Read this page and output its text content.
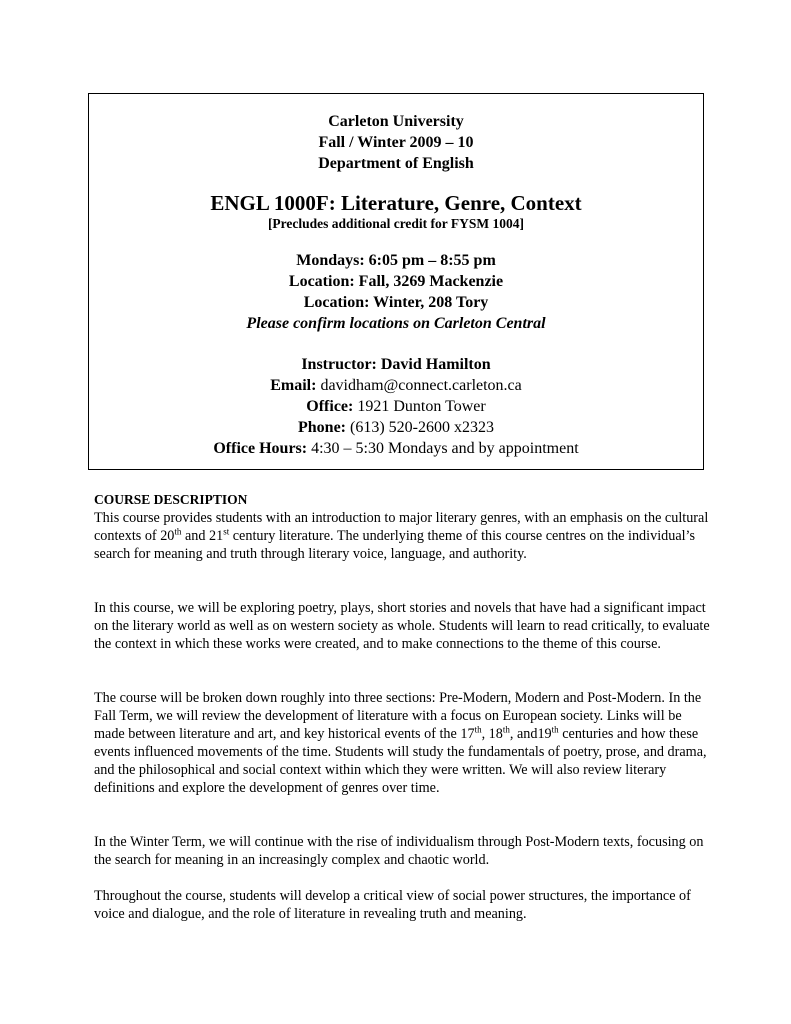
Carleton University
Fall / Winter 2009 – 10
Department of English
ENGL 1000F: Literature, Genre, Context
[Precludes additional credit for FYSM 1004]
Mondays: 6:05 pm – 8:55 pm
Location: Fall, 3269 Mackenzie
Location: Winter, 208 Tory
Please confirm locations on Carleton Central
Instructor: David Hamilton
Email: davidham@connect.carleton.ca
Office: 1921 Dunton Tower
Phone: (613) 520-2600 x2323
Office Hours: 4:30 – 5:30 Mondays and by appointment
COURSE DESCRIPTION

This course provides students with an introduction to major literary genres, with an emphasis on the cultural contexts of 20th and 21st century literature. The underlying theme of this course centres on the individual’s search for meaning and truth through literary voice, language, and authority.

In this course, we will be exploring poetry, plays, short stories and novels that have had a significant impact on the literary world as well as on western society as whole. Students will learn to read critically, to evaluate the context in which these works were created, and to make connections to the theme of this course.

The course will be broken down roughly into three sections: Pre-Modern, Modern and Post-Modern. In the Fall Term, we will review the development of literature with a focus on European society. Links will be made between literature and art, and key historical events of the 17th, 18th, and19th centuries and how these events influenced movements of the time. Students will study the fundamentals of poetry, prose, and drama, and the philosophical and social context within which they were written. We will also review literary definitions and explore the development of genres over time.

In the Winter Term, we will continue with the rise of individualism through Post-Modern texts, focusing on the search for meaning in an increasingly complex and chaotic world.

Throughout the course, students will develop a critical view of social power structures, the importance of voice and dialogue, and the role of literature in revealing truth and meaning.
